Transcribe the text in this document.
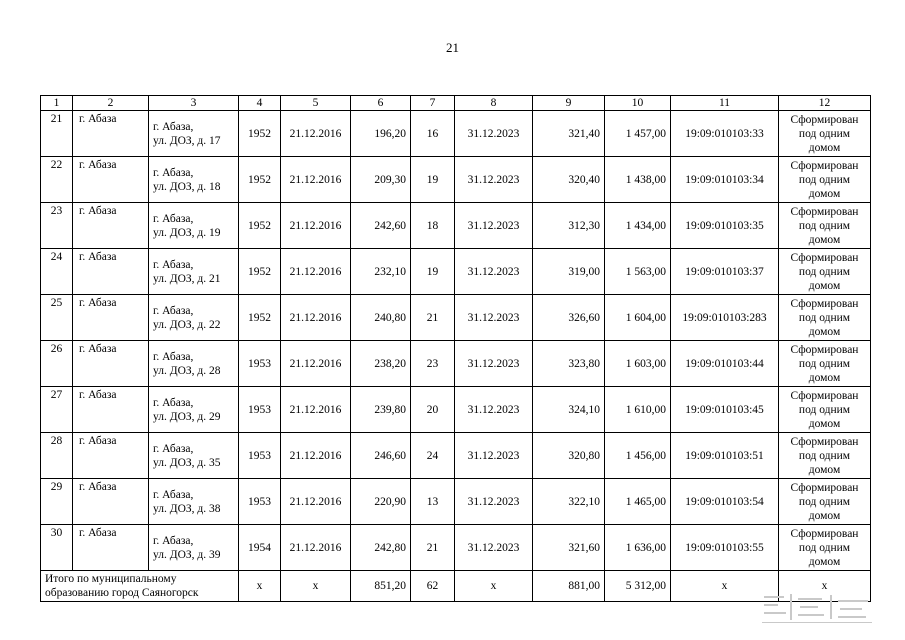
21
1	2	3	4	5	6	7	8	9	10	11	12
21	г. Абаза	г. Абаза,
ул. ДОЗ, д. 17	1952	21.12.2016	196,20	16	31.12.2023	321,40	1 457,00	19:09:010103:33	Сформирован
под одним
домом

22	г. Абаза	г. Абаза,
ул. ДОЗ, д. 18	1952	21.12.2016	209,30	19	31.12.2023	320,40	1 438,00	19:09:010103:34	Сформирован
под одним
домом

23	г. Абаза	г. Абаза,
ул. ДОЗ, д. 19	1952	21.12.2016	242,60	18	31.12.2023	312,30	1 434,00	19:09:010103:35	Сформирован
под одним
домом

24	г. Абаза	г. Абаза,
ул. ДОЗ, д. 21	1952	21.12.2016	232,10	19	31.12.2023	319,00	1 563,00	19:09:010103:37	Сформирован
под одним
домом

25	г. Абаза	г. Абаза,
ул. ДОЗ, д. 22	1952	21.12.2016	240,80	21	31.12.2023	326,60	1 604,00	19:09:010103:283	Сформирован
под одним
домом

26	г. Абаза	г. Абаза,
ул. ДОЗ, д. 28	1953	21.12.2016	238,20	23	31.12.2023	323,80	1 603,00	19:09:010103:44	Сформирован
под одним
домом

27	г. Абаза	г. Абаза,
ул. ДОЗ, д. 29	1953	21.12.2016	239,80	20	31.12.2023	324,10	1 610,00	19:09:010103:45	Сформирован
под одним
домом

28	г. Абаза	г. Абаза,
ул. ДОЗ, д. 35	1953	21.12.2016	246,60	24	31.12.2023	320,80	1 456,00	19:09:010103:51	Сформирован
под одним
домом

29	г. Абаза	г. Абаза,
ул. ДОЗ, д. 38	1953	21.12.2016	220,90	13	31.12.2023	322,10	1 465,00	19:09:010103:54	Сформирован
под одним
домом

30	г. Абаза	г. Абаза,
ул. ДОЗ, д. 39	1954	21.12.2016	242,80	21	31.12.2023	321,60	1 636,00	19:09:010103:55	Сформирован
под одним
домом

Итого по муниципальному
образованию город Саяногорск			х	х	851,20	62	х	881,00	5 312,00	х	х
